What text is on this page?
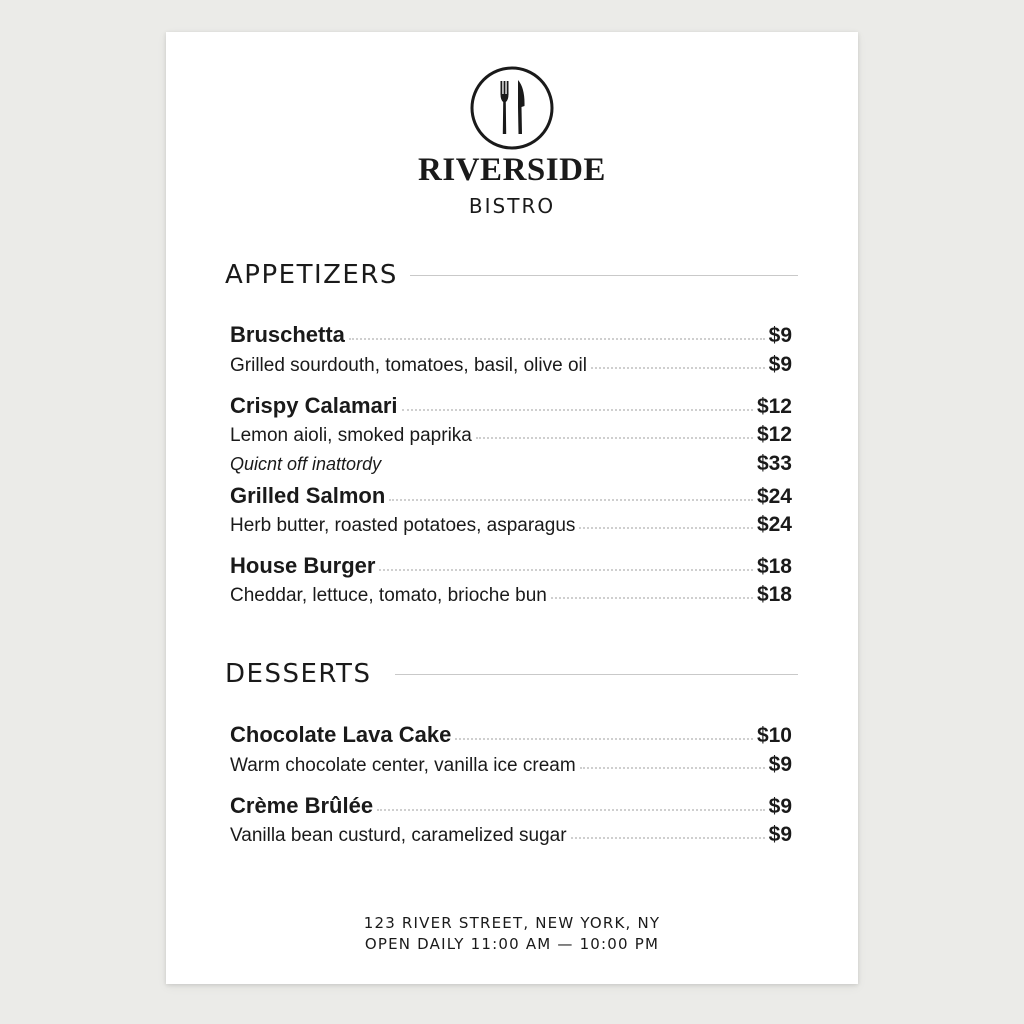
RIVERSIDE
BISTRO
APPETIZERS
Bruschetta	$9
Grilled sourdouth, tomatoes, basil, olive oil	$9
Crispy Calamari	$12
Lemon aioli, smoked paprika	$12
Quicnt off inattordy	$33
Grilled Salmon	$24
Herb butter, roasted potatoes, asparagus	$24
House Burger	$18
Cheddar, lettuce, tomato, brioche bun	$18
DESSERTS
Chocolate Lava Cake	$10
Warm chocolate center, vanilla ice cream	$9
Crème Brûlée	$9
Vanilla bean custurd, caramelized sugar	$9
123 RIVER STREET, NEW YORK, NY
OPEN DAILY 11:00 AM — 10:00 PM
